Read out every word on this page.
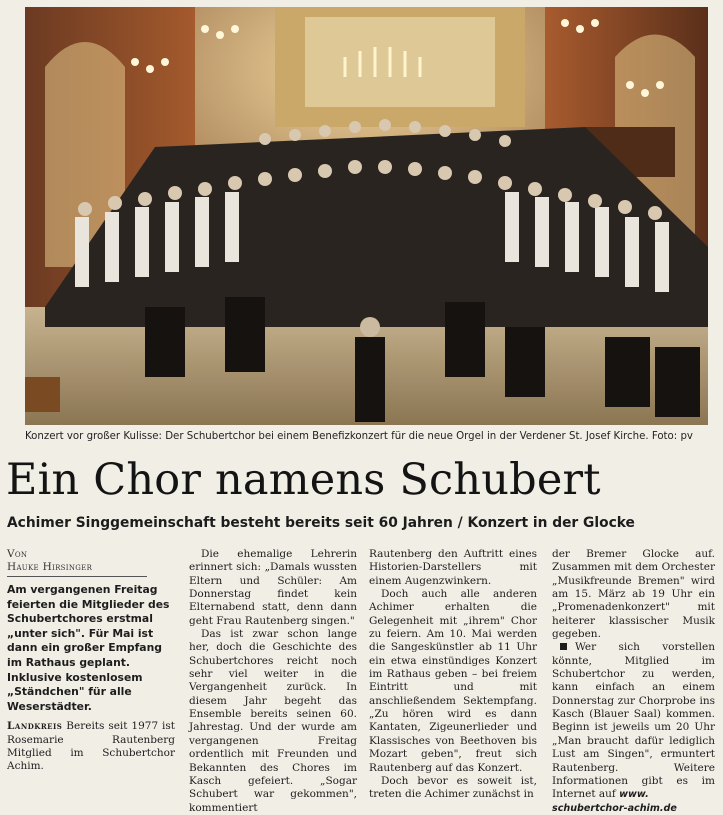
Konzert vor großer Kulisse: Der Schubertchor bei einem Benefizkonzert für die neue Orgel in der Verdener St. Josef Kirche. Foto: pv
Ein Chor namens Schubert
Achimer Singgemeinschaft besteht bereits seit 60 Jahren / Konzert in der Glocke
Von
Hauke Hirsinger

Am vergangenen Freitag feierten die Mitglieder des Schubertchores erstmal „unter sich". Für Mai ist dann ein großer Empfang im Rathaus geplant. Inklusive kostenlosem „Ständchen" für alle Weserstädter.

Landkreis Bereits seit 1977 ist Rosemarie Rautenberg Mitglied im Schubertchor Achim.

Die ehemalige Lehrerin erinnert sich: „Damals wussten Eltern und Schüler: Am Donnerstag findet kein Elternabend statt, denn dann geht Frau Rautenberg singen."

Das ist zwar schon lange her, doch die Geschichte des Schubertchores reicht noch sehr viel weiter in die Vergangenheit zurück. In diesem Jahr begeht das Ensemble bereits seinen 60. Jahrestag. Und der wurde am vergangenen Freitag ordentlich mit Freunden und Bekannten des Chores im Kasch gefeiert. „Sogar Schubert war gekommen", kommentiert

Rautenberg den Auftritt eines Historien-Darstellers mit einem Augenzwinkern.

Doch auch alle anderen Achimer erhalten die Gelegenheit mit „ihrem" Chor zu feiern. Am 10. Mai werden die Sangeskünstler ab 11 Uhr ein etwa einstündiges Konzert im Rathaus geben – bei freiem Eintritt und mit anschließendem Sektempfang. „Zu hören wird es dann Kantaten, Zigeunerlieder und Klassisches von Beethoven bis Mozart geben", freut sich Rautenberg auf das Konzert.

Doch bevor es soweit ist, treten die Achimer zunächst in

der Bremer Glocke auf. Zusammen mit dem Orchester „Musikfreunde Bremen" wird am 15. März ab 19 Uhr ein „Promenadenkonzert" mit heiterer klassischer Musik gegeben.

Wer sich vorstellen könnte, Mitglied im Schubertchor zu werden, kann einfach an einem Donnerstag zur Chorprobe ins Kasch (Blauer Saal) kommen. Beginn ist jeweils um 20 Uhr „Man braucht dafür lediglich Lust am Singen", ermuntert Rautenberg. Weitere Informationen gibt es im Internet auf www.
schubertchor-achim.de
